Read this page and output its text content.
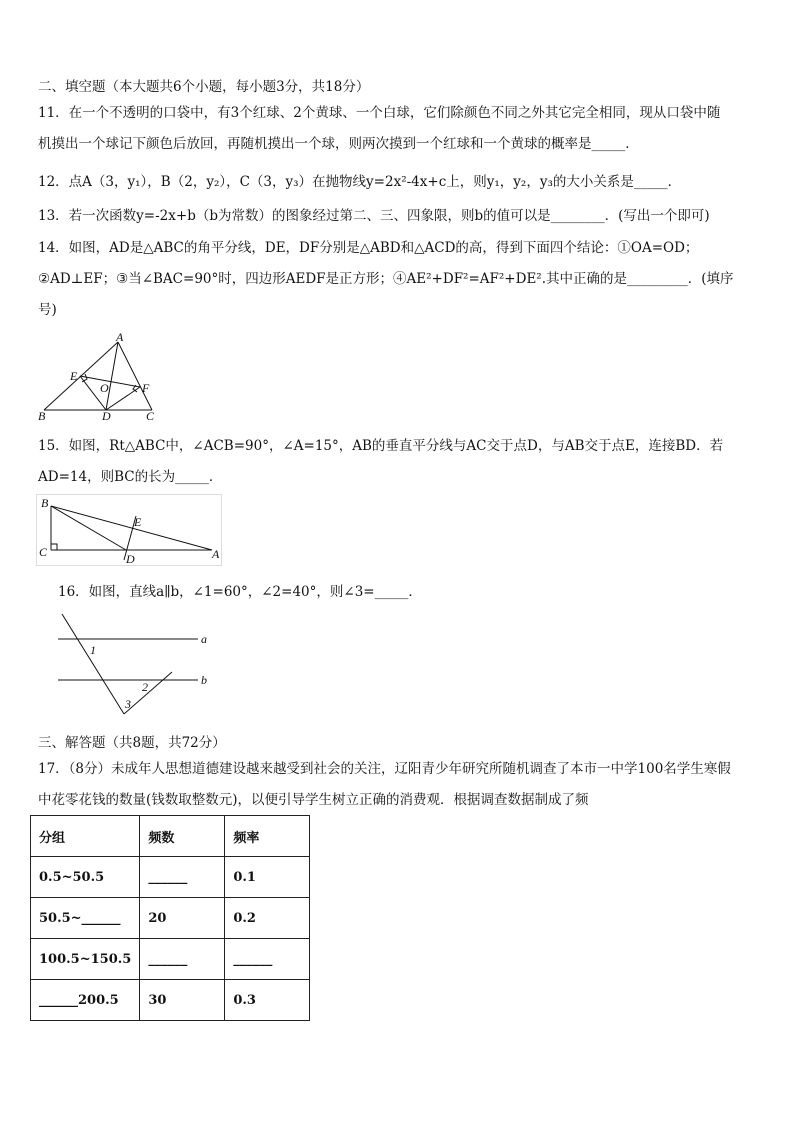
二、填空题（本大题共6个小题，每小题3分，共18分）
11．在一个不透明的口袋中，有3个红球、2个黄球、一个白球，它们除颜色不同之外其它完全相同，现从口袋中随
机摸出一个球记下颜色后放回，再随机摸出一个球，则两次摸到一个红球和一个黄球的概率是_____．
12．点A（3，y₁），B（2，y₂），C（3，y₃）在抛物线y=2x²-4x+c上，则y₁，y₂，y₃的大小关系是_____．
13．若一次函数y=-2x+b（b为常数）的图象经过第二、三、四象限，则b的值可以是________．(写出一个即可)
14．如图，AD是△ABC的角平分线，DE，DF分别是△ABD和△ACD的高，得到下面四个结论：①OA=OD；
②AD⊥EF；③当∠BAC=90°时，四边形AEDF是正方形；④AE²+DF²=AF²+DE².其中正确的是_________．(填序
号)
A
B	C
D
E
F
O
15．如图，Rt△ABC中，∠ACB=90°，∠A=15°，AB的垂直平分线与AC交于点D，与AB交于点E，连接BD．若
AD=14，则BC的长为_____．
B
C	D
E
A
16．如图，直线a∥b，∠1=60°，∠2=40°，则∠3=_____．
1
2
3
a
b
三、解答题（共8题，共72分）
17．（8分）未成年人思想道德建设越来越受到社会的关注，辽阳青少年研究所随机调查了本市一中学100名学生寒假
中花零花钱的数量(钱数取整数元)，以便引导学生树立正确的消费观．根据调查数据制成了频
分组	频数	频率
0.5~50.5	______	0.1
50.5~______	20	0.2
100.5~150.5	______	______
______200.5	30	0.3
